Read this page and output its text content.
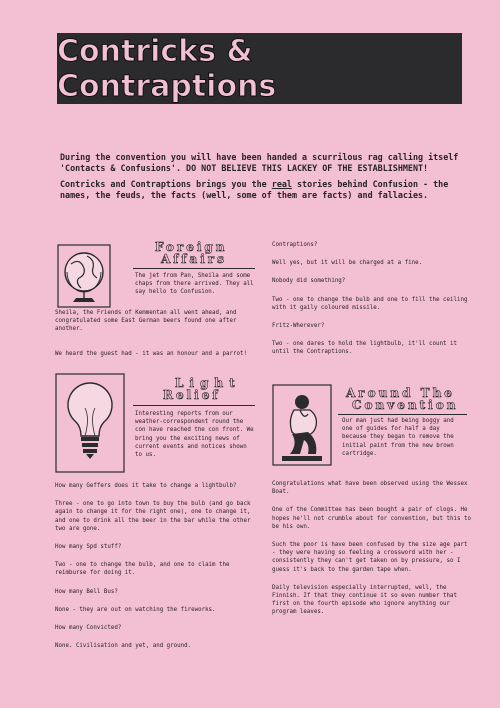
Contricks & Contraptions

During the convention you will have been handed a scurrilous rag calling itself 'Contacts & Confusions'. DO NOT BELIEVE THIS LACKEY OF THE ESTABLISHMENT!

Contricks and Contraptions brings you the real stories behind Confusion - the names, the feuds, the facts (well, some of them are facts) and fallacies.

Foreign
Affairs
The jet from Pan, Sheila and some chaps from there arrived. They all say hello to Confusion.
Sheila, the Friends of Kemmentan all went ahead, and congratulated some East German beers found one after another.

We heard the guest had - it was an honour and a parrot!

Light
Relief
Interesting reports from our weather-correspondent round the con have reached the con front. We bring you the exciting news of current events and notices shown to us.

How many Geffers does it take to change a lightbulb?

Three - one to go into town to buy the bulb (and go back again to change it for the right one), one to change it, and one to drink all the beer in the bar while the other two are gone.

How many Spd stuff?

Two - one to change the bulb, and one to claim the reimburse for doing it.

How many Bell Bus?

None - they are out on watching the fireworks.

How many Convicted?

None. Civilisation and yet, and ground.

Contraptions?

Well yes, but it will be charged at a fine.

Nobody did something?

Two - one to change the bulb and one to fill the ceiling with it gaily coloured missile.

Fritz-Wherever?

Two - one dares to hold the lightbulb, it'll count it until the Contraptions.

Around The
Convention
Our man just had being boggy and one of guides for half a day because they began to remove the initial paint from the new brown cartridge.

Congratulations what have been observed using the Wessex Boat.

One of the Committee has been bought a pair of clogs. He hopes he'll not crumble about for convention, but this to be his own.

Such the poor is have been confused by the size age part - they were having so feeling a crossword with her - consistently they can't get taken on by pressure, so I guess it's back to the garden tape when.

Daily television especially interrupted, well, the Finnish. If that they continue it so even number that first on the fourth episode who ignore anything our program leaves.
